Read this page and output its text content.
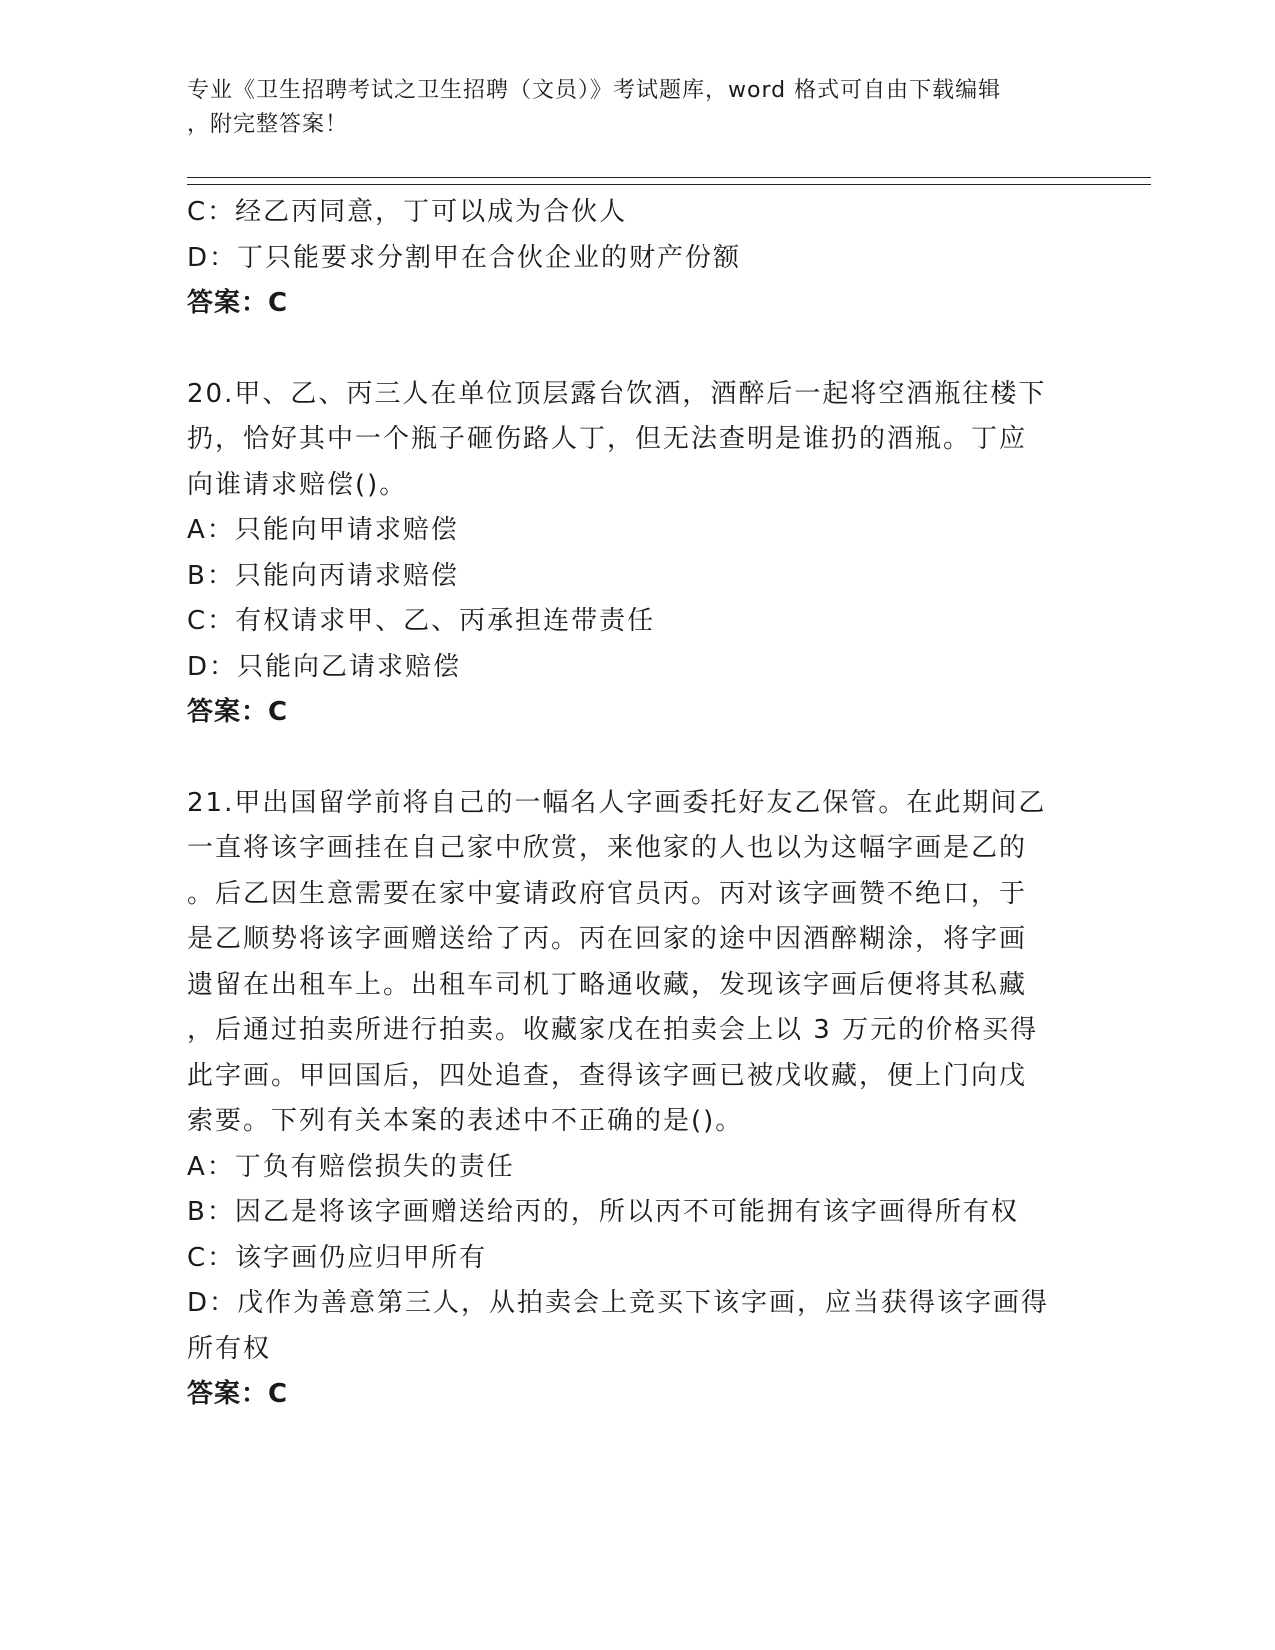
专业《卫生招聘考试之卫生招聘（文员）》考试题库，word 格式可自由下载编辑
，附完整答案！

C：经乙丙同意，丁可以成为合伙人

D：丁只能要求分割甲在合伙企业的财产份额

答案：C

20.甲、乙、丙三人在单位顶层露台饮酒，酒醉后一起将空酒瓶往楼下

扔，恰好其中一个瓶子砸伤路人丁，但无法查明是谁扔的酒瓶。丁应

向谁请求赔偿()。

A：只能向甲请求赔偿

B：只能向丙请求赔偿

C：有权请求甲、乙、丙承担连带责任

D：只能向乙请求赔偿

答案：C

21.甲出国留学前将自己的一幅名人字画委托好友乙保管。在此期间乙

一直将该字画挂在自己家中欣赏，来他家的人也以为这幅字画是乙的

。后乙因生意需要在家中宴请政府官员丙。丙对该字画赞不绝口，于

是乙顺势将该字画赠送给了丙。丙在回家的途中因酒醉糊涂，将字画

遗留在出租车上。出租车司机丁略通收藏，发现该字画后便将其私藏

，后通过拍卖所进行拍卖。收藏家戊在拍卖会上以 3 万元的价格买得

此字画。甲回国后，四处追查，查得该字画已被戊收藏，便上门向戊

索要。下列有关本案的表述中不正确的是()。

A：丁负有赔偿损失的责任

B：因乙是将该字画赠送给丙的，所以丙不可能拥有该字画得所有权

C：该字画仍应归甲所有

D：戊作为善意第三人，从拍卖会上竞买下该字画，应当获得该字画得

所有权

答案：C
